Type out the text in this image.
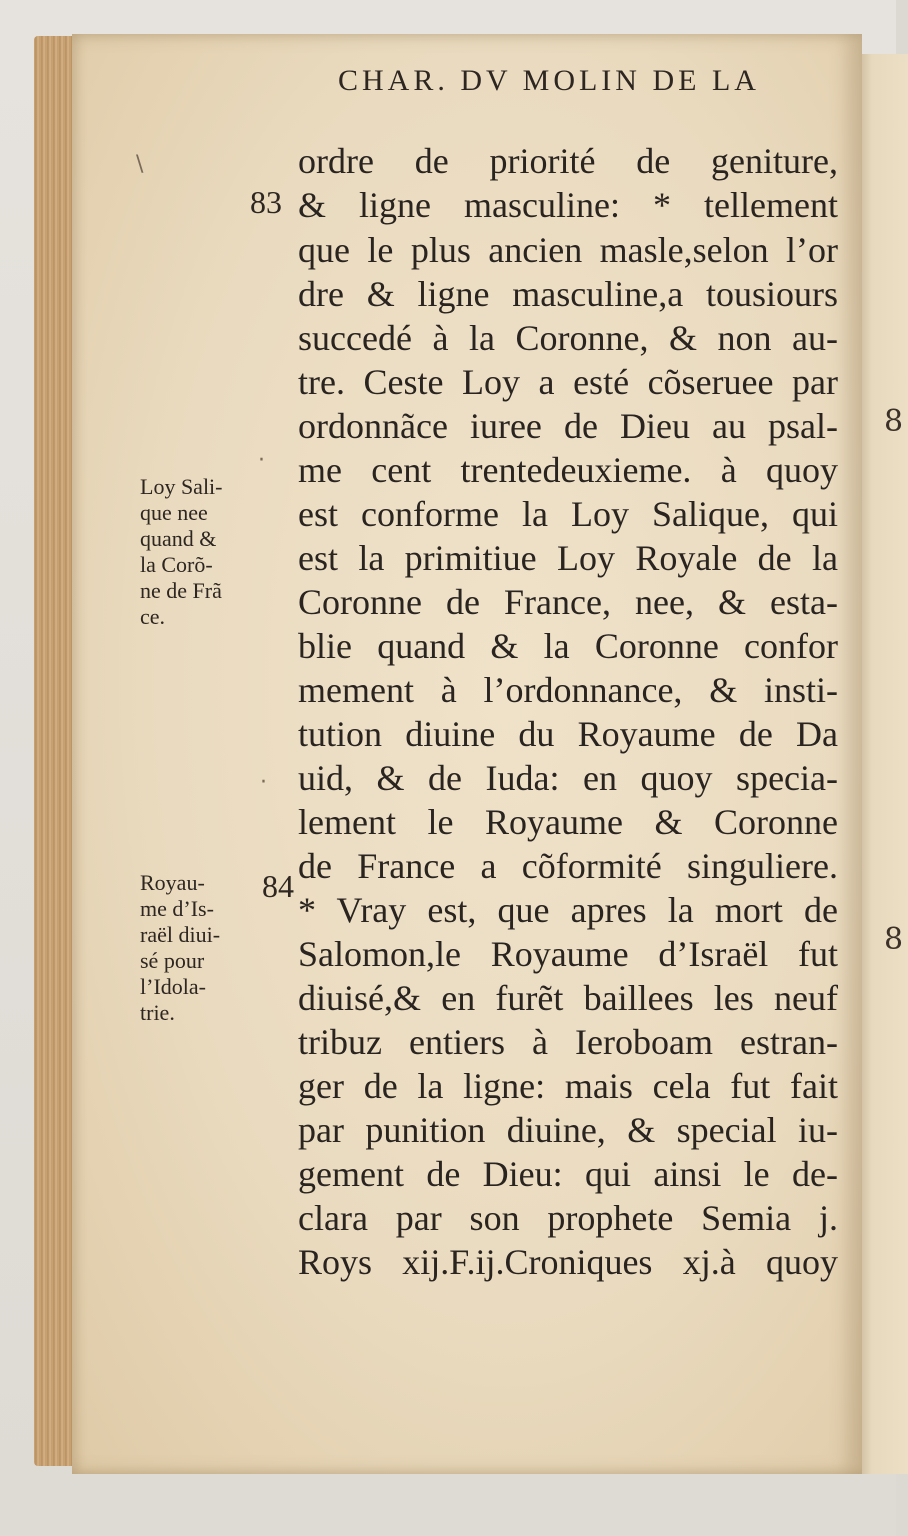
8
8
CHAR. DV MOLIN DE LA
83
84
\
·
·
ordre de priorité de geniture,
& ligne masculine: * tellement
que le plus ancien masle,selon l’or
dre & ligne masculine,a tousiours
succedé à la Coronne, & non au-
tre. Ceste Loy a esté cõseruee par
ordonnãce iuree de Dieu au psal-
me cent trentedeuxieme. à quoy
est conforme la Loy Salique, qui
est la primitiue Loy Royale de la
Coronne de France, nee, & esta-
blie quand & la Coronne confor
mement à l’ordonnance, & insti-
tution diuine du Royaume de Da
uid, & de Iuda: en quoy specia-
lement le Royaume & Coronne
de France a cõformité singuliere.
* Vray est, que apres la mort de
Salomon,le Royaume d’Israël fut
diuisé,& en furẽt baillees les neuf
tribuz entiers à Ieroboam estran-
ger de la ligne: mais cela fut fait
par punition diuine, & special iu-
gement de Dieu: qui ainsi le de-
clara par son prophete Semia j.
Roys xij.F.ij.Croniques xj.à quoy
Loy Sali-
que nee
quand &
la Corõ-
ne de Frã
ce.
Royau-
me d’Is-
raël diui-
sé pour
l’Idola-
trie.
